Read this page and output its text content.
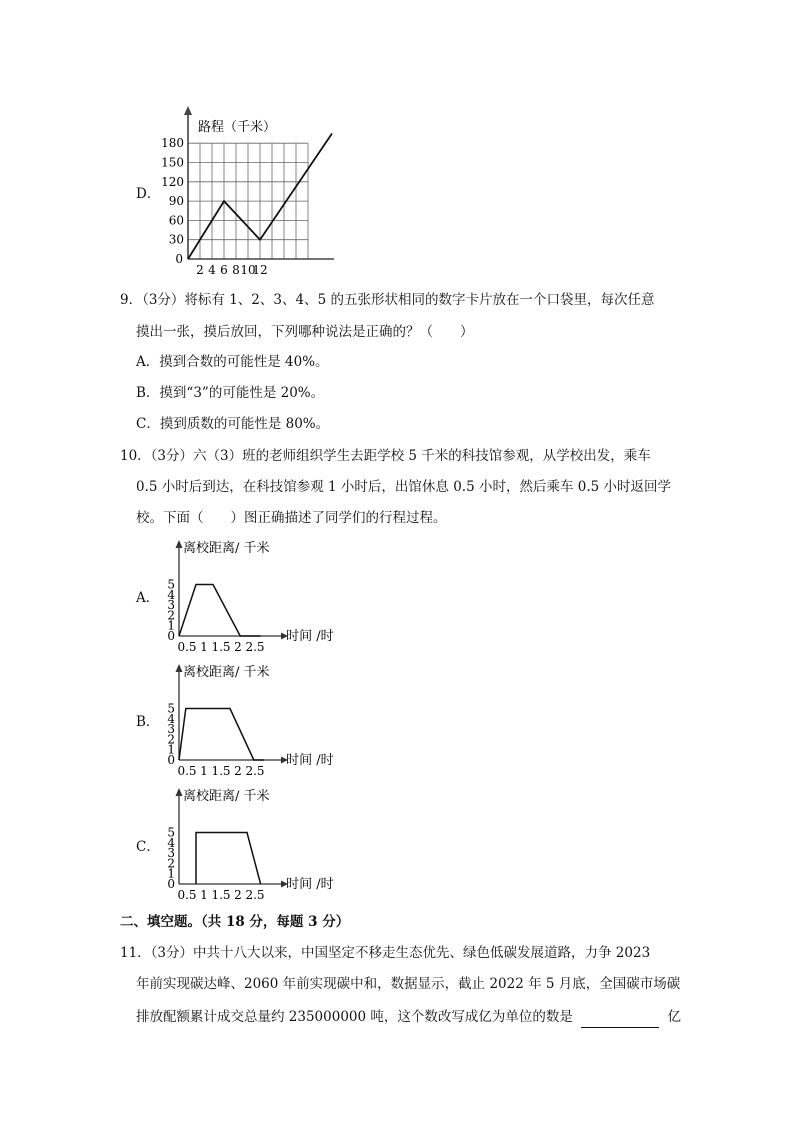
D．
路程（千米）
0
2 4 6 8 10
12
30
60
90
120
150
180
9．（3分）将标有 1、2、3、4、5 的五张形状相同的数字卡片放在一个口袋里，每次任意
摸出一张，摸后放回，下列哪种说法是正确的？（　　）
A．摸到合数的可能性是 40%。
B．摸到“3”的可能性是 20%。
C．摸到质数的可能性是 80%。
10．（3分）六（3）班的老师组织学生去距学校 5 千米的科技馆参观，从学校出发，乘车
0.5 小时后到达，在科技馆参观 1 小时后，出馆休息 0.5 小时，然后乘车 0.5 小时返回学
校。下面（　　）图正确描述了同学们的行程过程。
A．
离校距离/ 千米
时间 /时
0
1
2
3
4
5
0.5 1 1.5 2 2.5
B．
离校距离/ 千米
时间 /时
0
1
2
3
4
5
0.5 1 1.5 2 2.5
C．
离校距离/ 千米
时间 /时
0
1
2
3
4
5
0.5 1 1.5 2 2.5
二、填空题。（共 18 分，每题 3 分）
11．（3分）中共十八大以来，中国坚定不移走生态优先、绿色低碳发展道路，力争 2023
年前实现碳达峰、2060 年前实现碳中和，数据显示，截止 2022 年 5 月底，全国碳市场碳
排放配额累计成交总量约 235000000 吨，这个数改写成亿为单位的数是	亿
